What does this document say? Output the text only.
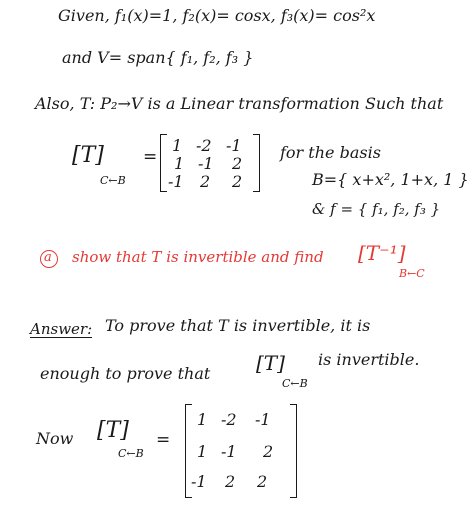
Given, f₁(x)=1, f₂(x)= cosx, f₃(x)= cos²x
and V= span{ f₁, f₂, f₃ }
Also, T: P₂→V is a Linear transformation Such that
[T]
C←B
=
1 -2 -1
1 -1 2
-1 2 2
for the basis
B={ x+x², 1+x, 1 }
& f = { f₁, f₂, f₃ }
a show that T is invertible and find [T⁻¹]
B←C
Answer: To prove that T is invertible, it is
enough to prove that [T]
C←B
is invertible.
Now [T]
C←B
=
1 -2 -1
1 -1 2
-1 2 2
